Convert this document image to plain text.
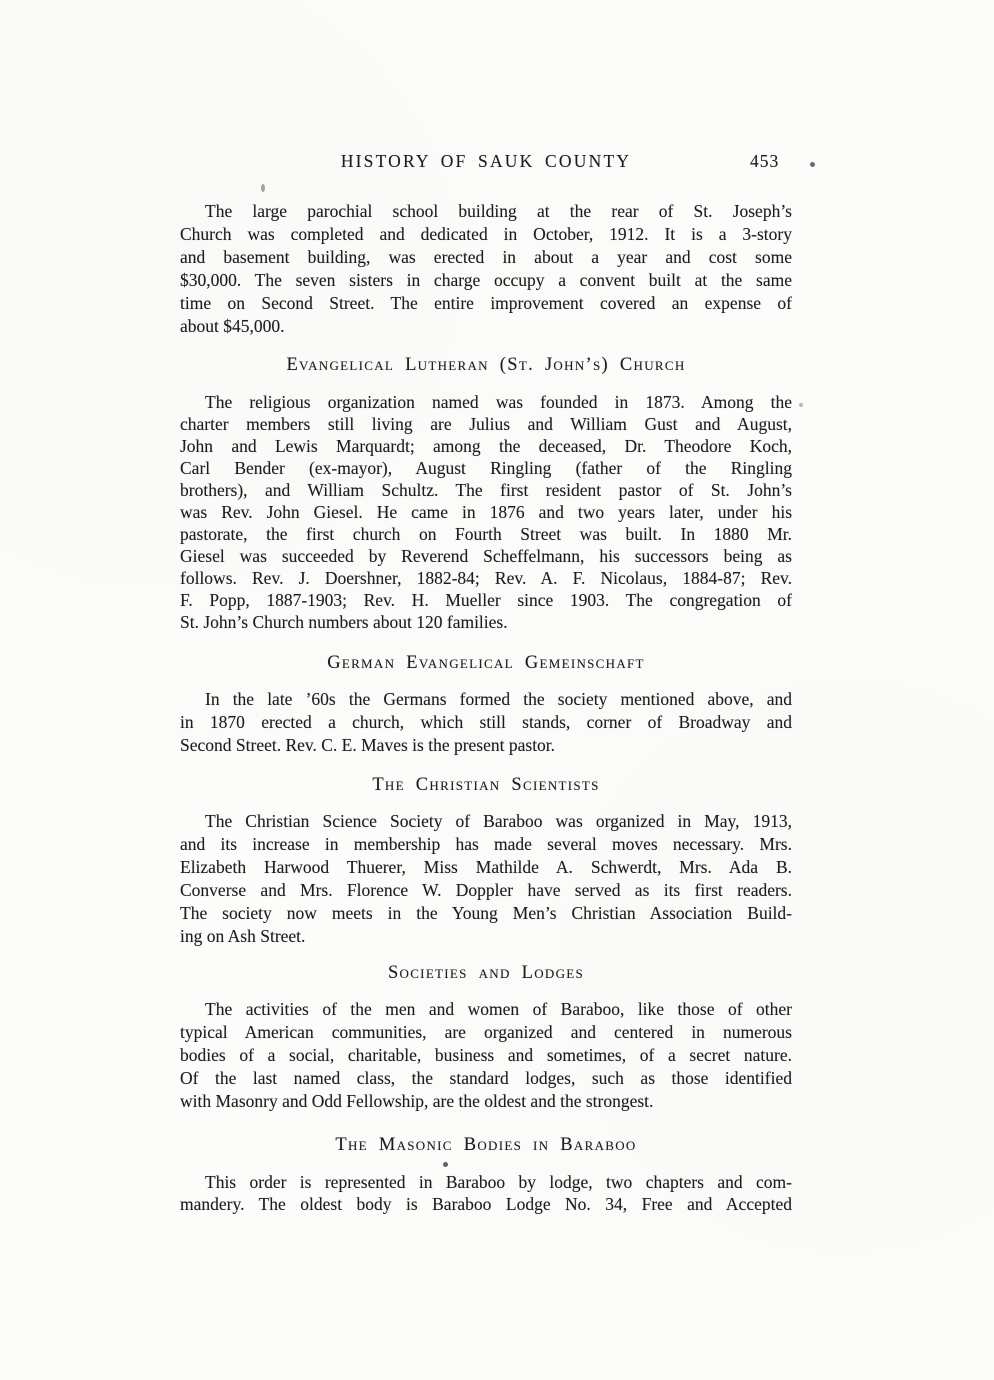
HISTORY OF SAUK COUNTY	453
The large parochial school building at the rear of St. Joseph’s
Church was completed and dedicated in October, 1912. It is a 3-story
and basement building, was erected in about a year and cost some
$30,000. The seven sisters in charge occupy a convent built at the same
time on Second Street. The entire improvement covered an expense of
about $45,000.
Evangelical Lutheran (St. John’s) Church
The religious organization named was founded in 1873. Among the
charter members still living are Julius and William Gust and August,
John and Lewis Marquardt; among the deceased, Dr. Theodore Koch,
Carl Bender (ex-mayor), August Ringling (father of the Ringling
brothers), and William Schultz. The first resident pastor of St. John’s
was Rev. John Giesel. He came in 1876 and two years later, under his
pastorate, the first church on Fourth Street was built. In 1880 Mr.
Giesel was succeeded by Reverend Scheffelmann, his successors being as
follows. Rev. J. Doershner, 1882-84; Rev. A. F. Nicolaus, 1884-87; Rev.
F. Popp, 1887-1903; Rev. H. Mueller since 1903. The congregation of
St. John’s Church numbers about 120 families.
German Evangelical Gemeinschaft
In the late ’60s the Germans formed the society mentioned above, and
in 1870 erected a church, which still stands, corner of Broadway and
Second Street. Rev. C. E. Maves is the present pastor.
The Christian Scientists
The Christian Science Society of Baraboo was organized in May, 1913,
and its increase in membership has made several moves necessary. Mrs.
Elizabeth Harwood Thuerer, Miss Mathilde A. Schwerdt, Mrs. Ada B.
Converse and Mrs. Florence W. Doppler have served as its first readers.
The society now meets in the Young Men’s Christian Association Build-
ing on Ash Street.
Societies and Lodges
The activities of the men and women of Baraboo, like those of other
typical American communities, are organized and centered in numerous
bodies of a social, charitable, business and sometimes, of a secret nature.
Of the last named class, the standard lodges, such as those identified
with Masonry and Odd Fellowship, are the oldest and the strongest.
The Masonic Bodies in Baraboo
This order is represented in Baraboo by lodge, two chapters and com-
mandery. The oldest body is Baraboo Lodge No. 34, Free and Accepted
